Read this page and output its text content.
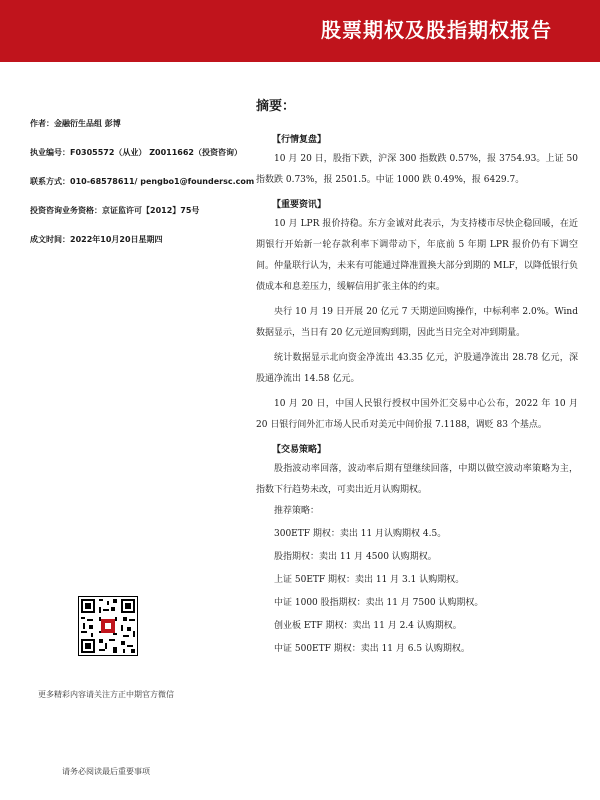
股票期权及股指期权报告
作者：金融衍生品组 彭博
执业编号：F0305572（从业） Z0011662（投资咨询）
联系方式：010-68578611/ pengbo1@foundersc.com
投资咨询业务资格：京证监许可【2012】75号
成文时间：2022年10月20日星期四
更多精彩内容请关注方正中期官方微信
请务必阅读最后重要事项
摘要：
【行情复盘】

10 月 20 日，股指下跌，沪深 300 指数跌 0.57%，报 3754.93。上证 50 指数跌 0.73%，报 2501.5。中证 1000 跌 0.49%，报 6429.7。

【重要资讯】

10 月 LPR 报价持稳。东方金诚对此表示，为支持楼市尽快企稳回暖，在近期银行开始新一轮存款利率下调带动下，年底前 5 年期 LPR 报价仍有下调空间。仲量联行认为，未来有可能通过降准置换大部分到期的 MLF，以降低银行负债成本和息差压力，缓解信用扩张主体的约束。

央行 10 月 19 日开展 20 亿元 7 天期逆回购操作，中标利率 2.0%。Wind 数据显示，当日有 20 亿元逆回购到期，因此当日完全对冲到期量。

统计数据显示北向资金净流出 43.35 亿元，沪股通净流出 28.78 亿元，深股通净流出 14.58 亿元。

10 月 20 日，中国人民银行授权中国外汇交易中心公布，2022 年 10 月 20 日银行间外汇市场人民币对美元中间价报 7.1188，调贬 83 个基点。

【交易策略】

股指波动率回落，波动率后期有望继续回落，中期以做空波动率策略为主，指数下行趋势未改，可卖出近月认购期权。

推荐策略：
300ETF 期权：卖出 11 月认购期权 4.5。
股指期权：卖出 11 月 4500 认购期权。
上证 50ETF 期权：卖出 11 月 3.1 认购期权。
中证 1000 股指期权：卖出 11 月 7500 认购期权。
创业板 ETF 期权：卖出 11 月 2.4 认购期权。
中证 500ETF 期权：卖出 11 月 6.5 认购期权。
